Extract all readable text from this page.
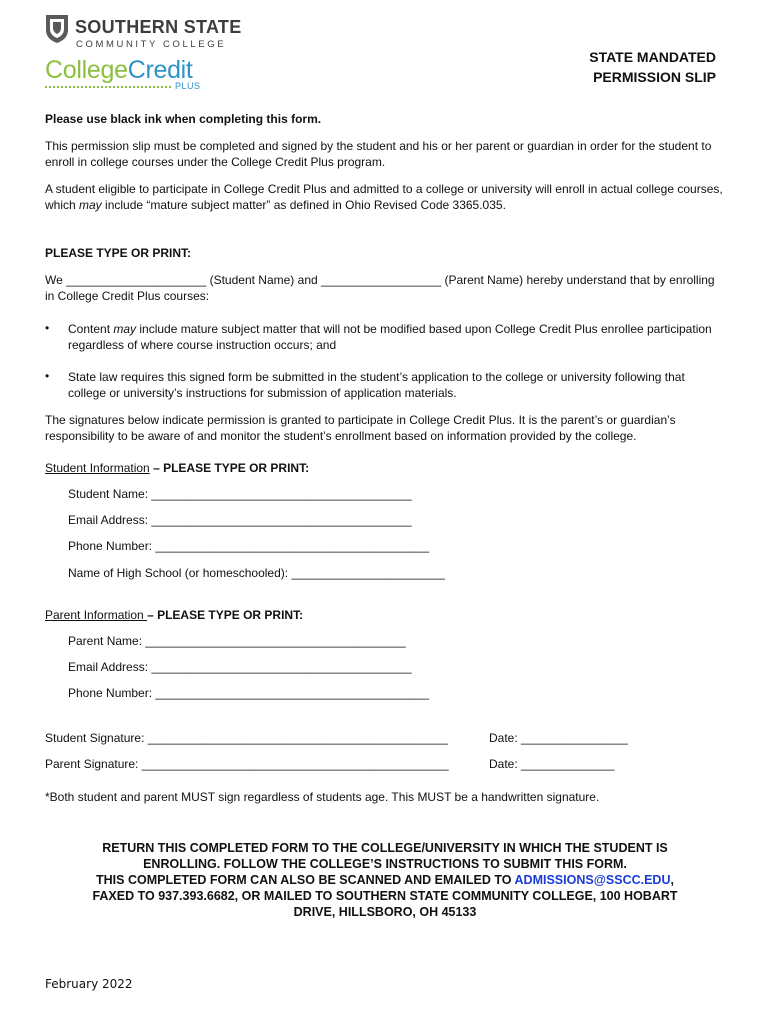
SOUTHERN STATE
COMMUNITY COLLEGE
CollegeCredit
PLUS
STATE MANDATED
PERMISSION SLIP
Please use black ink when completing this form.
This permission slip must be completed and signed by the student and his or her parent or guardian in order for the student to enroll in college courses under the College Credit Plus program.
A student eligible to participate in College Credit Plus and admitted to a college or university will enroll in actual college courses, which may include “mature subject matter” as defined in Ohio Revised Code 3365.035.
PLEASE TYPE OR PRINT:
We _____________________ (Student Name) and __________________ (Parent Name) hereby understand that by enrolling in College Credit Plus courses:
• Content may include mature subject matter that will not be modified based upon College Credit Plus enrollee participation regardless of where course instruction occurs; and
• State law requires this signed form be submitted in the student’s application to the college or university following that college or university’s instructions for submission of application materials.
The signatures below indicate permission is granted to participate in College Credit Plus. It is the parent’s or guardian’s responsibility to be aware of and monitor the student’s enrollment based on information provided by the college.
Student Information – PLEASE TYPE OR PRINT:
Student Name: _______________________________________
Email Address: _______________________________________
Phone Number: _________________________________________
Name of High School (or homeschooled): _______________________
Parent Information – PLEASE TYPE OR PRINT:
Parent Name: _______________________________________
Email Address: _______________________________________
Phone Number: _________________________________________
Student Signature: _____________________________________________	Date: ________________
Parent Signature: ______________________________________________	Date: ______________
*Both student and parent MUST sign regardless of students age. This MUST be a handwritten signature.
RETURN THIS COMPLETED FORM TO THE COLLEGE/UNIVERSITY IN WHICH THE STUDENT IS
ENROLLING. FOLLOW THE COLLEGE’S INSTRUCTIONS TO SUBMIT THIS FORM.
THIS COMPLETED FORM CAN ALSO BE SCANNED AND EMAILED TO ADMISSIONS@SSCC.EDU,
FAXED TO 937.393.6682, OR MAILED TO SOUTHERN STATE COMMUNITY COLLEGE, 100 HOBART
DRIVE, HILLSBORO, OH 45133
February 2022
